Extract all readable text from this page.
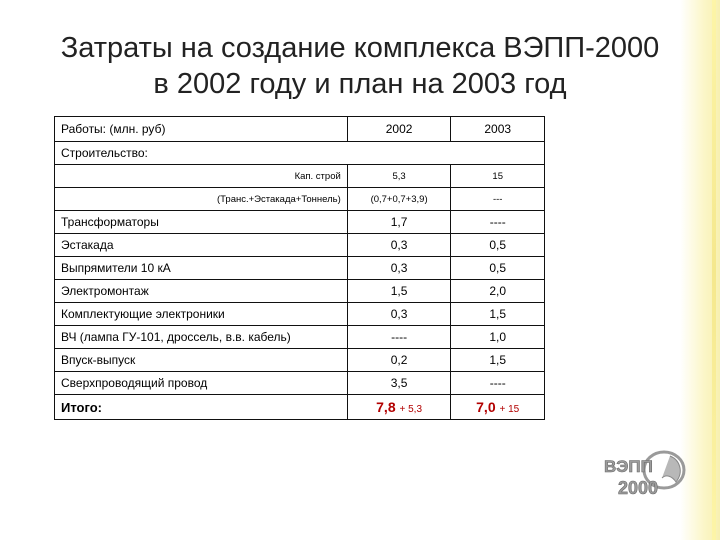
Затраты на создание комплекса ВЭПП-2000
в 2002 году и план на 2003 год
Работы: (млн. руб)	2002	2003
Строительство:		
Кап. строй	5,3	15
(Транс.+Эстакада+Тоннель)	(0,7+0,7+3,9)	---
Трансформаторы	1,7	----
Эстакада	0,3	0,5
Выпрямители 10 кА	0,3	0,5
Электромонтаж	1,5	2,0
Комплектующие электроники	0,3	1,5
ВЧ (лампа ГУ-101, дроссель, в.в. кабель)	----	1,0
Впуск-выпуск	0,2	1,5
Сверхпроводящий провод	3,5	----
Итого:	7,8 + 5,3	7,0 + 15
ВЭПП
2000
